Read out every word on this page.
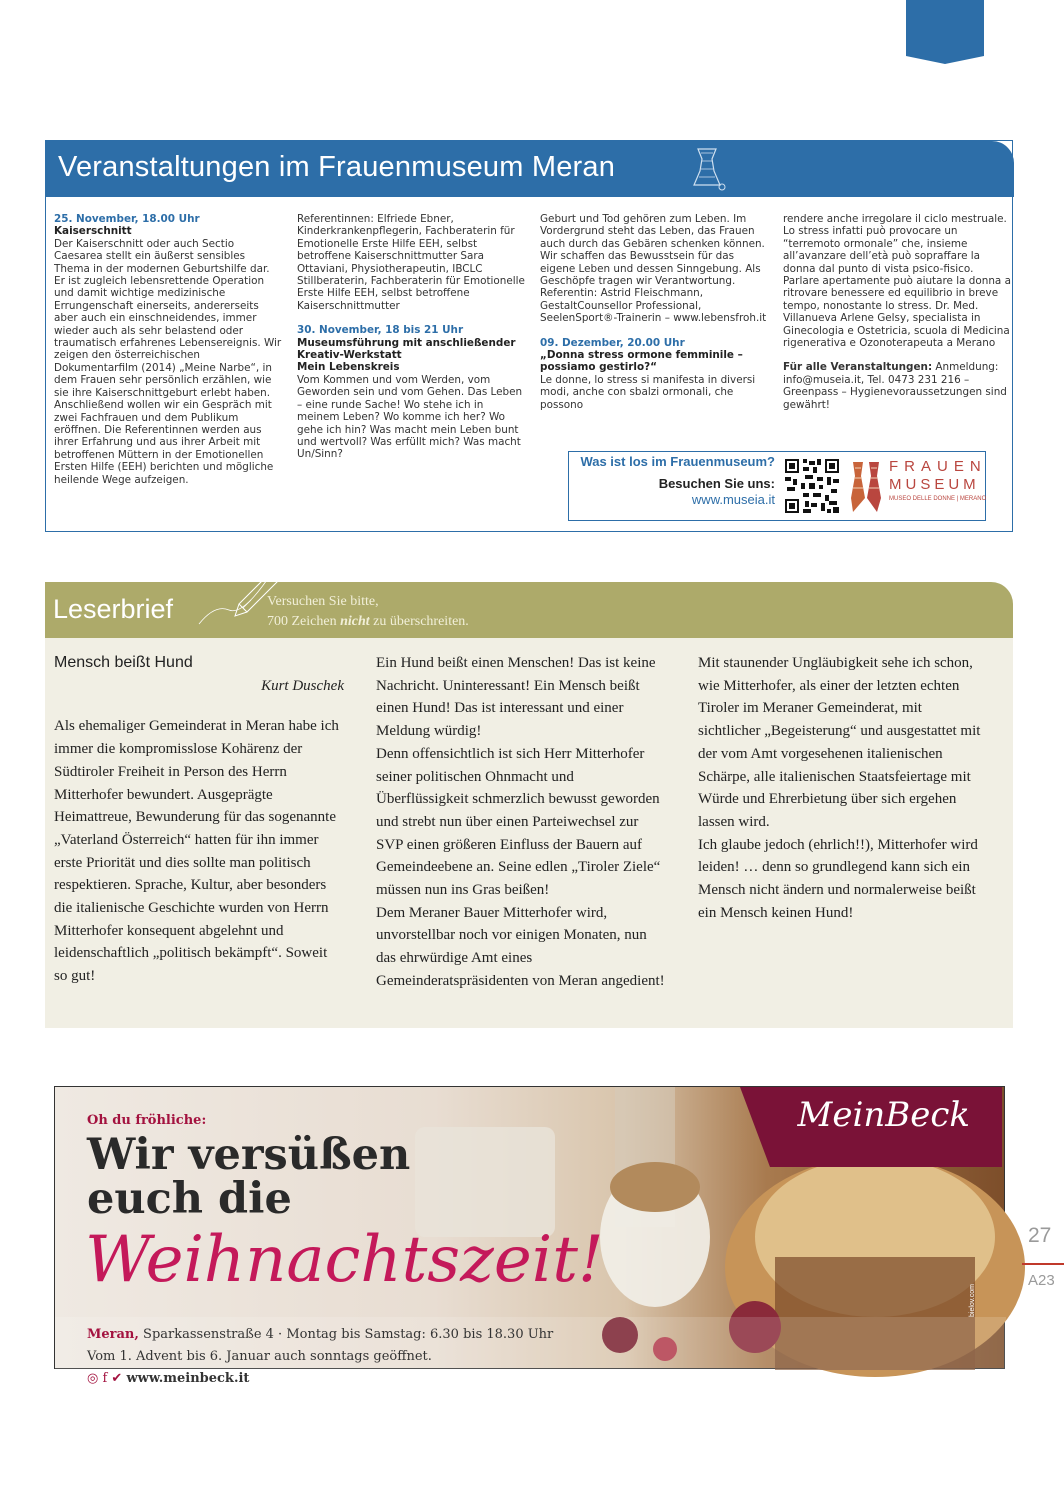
Veranstaltungen im Frauenmuseum Meran

25. November, 18.00 Uhr

Kaiserschnitt

Der Kaiserschnitt oder auch Sectio Caesarea stellt ein äußerst sensibles Thema in der modernen Geburtshilfe dar. Er ist zugleich lebensrettende Operation und damit wichtige medizinische Errungenschaft einerseits, andererseits aber auch ein einschneidendes, immer wieder auch als sehr belastend oder traumatisch erfahrenes Lebensereignis. Wir zeigen den österreichischen Dokumentarfilm (2014) „Meine Narbe“, in dem Frauen sehr persönlich erzählen, wie sie ihre Kaiserschnittgeburt erlebt haben. Anschließend wollen wir ein Gespräch mit zwei Fachfrauen und dem Publikum eröffnen. Die Referentinnen werden aus ihrer Erfahrung und aus ihrer Arbeit mit betroffenen Müttern in der Emotionellen Ersten Hilfe (EEH) berichten und mögliche heilende Wege aufzeigen.

Referentinnen: Elfriede Ebner, Kinderkrankenpflegerin, Fachberaterin für Emotionelle Erste Hilfe EEH, selbst betroffene Kaiserschnittmutter Sara Ottaviani, Physiotherapeutin, IBCLC Stillberaterin, Fachberaterin für Emotionelle Erste Hilfe EEH, selbst betroffene Kaiserschnittmutter

30. November, 18 bis 21 Uhr

Museumsführung mit anschließender Kreativ-Werkstatt

Mein Lebenskreis

Vom Kommen und vom Werden, vom Geworden sein und vom Gehen. Das Leben – eine runde Sache! Wo stehe ich in meinem Leben? Wo komme ich her? Wo gehe ich hin? Was macht mein Leben bunt und wertvoll? Was erfüllt mich? Was macht Un/Sinn?

Geburt und Tod gehören zum Leben. Im Vordergrund steht das Leben, das Frauen auch durch das Gebären schenken können. Wir schaffen das Bewusstsein für das eigene Leben und dessen Sinngebung. Als Geschöpfe tragen wir Verantwortung. Referentin: Astrid Fleischmann, GestaltCounsellor Professional, SeelenSport®-Trainerin – www.lebensfroh.it

09. Dezember, 20.00 Uhr

„Donna stress ormone femminile – possiamo gestirlo?“

Le donne, lo stress si manifesta in diversi modi, anche con sbalzi ormonali, che possono

rendere anche irregolare il ciclo mestruale. Lo stress infatti può provocare un “terremoto ormonale” che, insieme all’avanzare dell’età può sopraffare la donna dal punto di vista psico-fisico. Parlare apertamente può aiutare la donna a ritrovare benessere ed equilibrio in breve tempo, nonostante lo stress. Dr. Med. Villanueva Arlene Gelsy, specialista in Ginecologia e Ostetricia, scuola di Medicina rigenerativa e Ozonoterapeuta a Merano

Für alle Veranstaltungen: Anmeldung: info@museia.it, Tel. 0473 231 216 – Greenpass – Hygienevoraussetzungen sind gewährt!

Was ist los im Frauenmuseum?
Besuchen Sie uns:
www.museia.it
FRAUEN
MUSEUM
MUSEO DELLE DONNE | MERANO
Leserbrief	Versuchen Sie bitte,
700 Zeichen nicht zu überschreiten.

Mensch beißt Hund

Kurt Duschek

Als ehemaliger Gemeinderat in Meran habe ich immer die kompromisslose Kohärenz der Südtiroler Freiheit in Person des Herrn Mitterhofer bewundert. Ausgeprägte Heimattreue, Bewunderung für das sogenannte „Vaterland Österreich“ hatten für ihn immer erste Priorität und dies sollte man politisch respektieren. Sprache, Kultur, aber besonders die italienische Geschichte wurden von Herrn Mitterhofer konsequent abgelehnt und leidenschaftlich „politisch bekämpft“. Soweit so gut!

Ein Hund beißt einen Menschen! Das ist keine Nachricht. Uninteressant! Ein Mensch beißt einen Hund! Das ist interessant und einer Meldung würdig!

Denn offensichtlich ist sich Herr Mitterhofer seiner politischen Ohnmacht und Überflüssigkeit schmerzlich bewusst geworden und strebt nun über einen Parteiwechsel zur SVP einen größeren Einfluss der Bauern auf Gemeindeebene an. Seine edlen „Tiroler Ziele“ müssen nun ins Gras beißen!

Dem Meraner Bauer Mitterhofer wird, unvorstellbar noch vor einigen Monaten, nun das ehrwürdige Amt eines Gemeinderatspräsidenten von Meran angedient!

Mit staunender Ungläubigkeit sehe ich schon, wie Mitterhofer, als einer der letzten echten Tiroler im Meraner Gemeinderat, mit sichtlicher „Begeisterung“ und ausgestattet mit der vom Amt vorgesehenen italienischen Schärpe, alle italienischen Staatsfeiertage mit Würde und Ehrerbietung über sich ergehen lassen wird.

Ich glaube jedoch (ehrlich!!), Mitterhofer wird leiden! … denn so grundlegend kann sich ein Mensch nicht ändern und normalerweise beißt ein Mensch keinen Hund!

MeinBeck
Oh du fröhliche:
Wir versüßen
euch die
Weihnachtszeit!
Meran, Sparkassenstraße 4 · Montag bis Samstag: 6.30 bis 18.30 Uhr
Vom 1. Advent bis 6. Januar auch sonntags geöffnet.
◎ f ✔ www.meinbeck.it
bielov.com
27
A23
